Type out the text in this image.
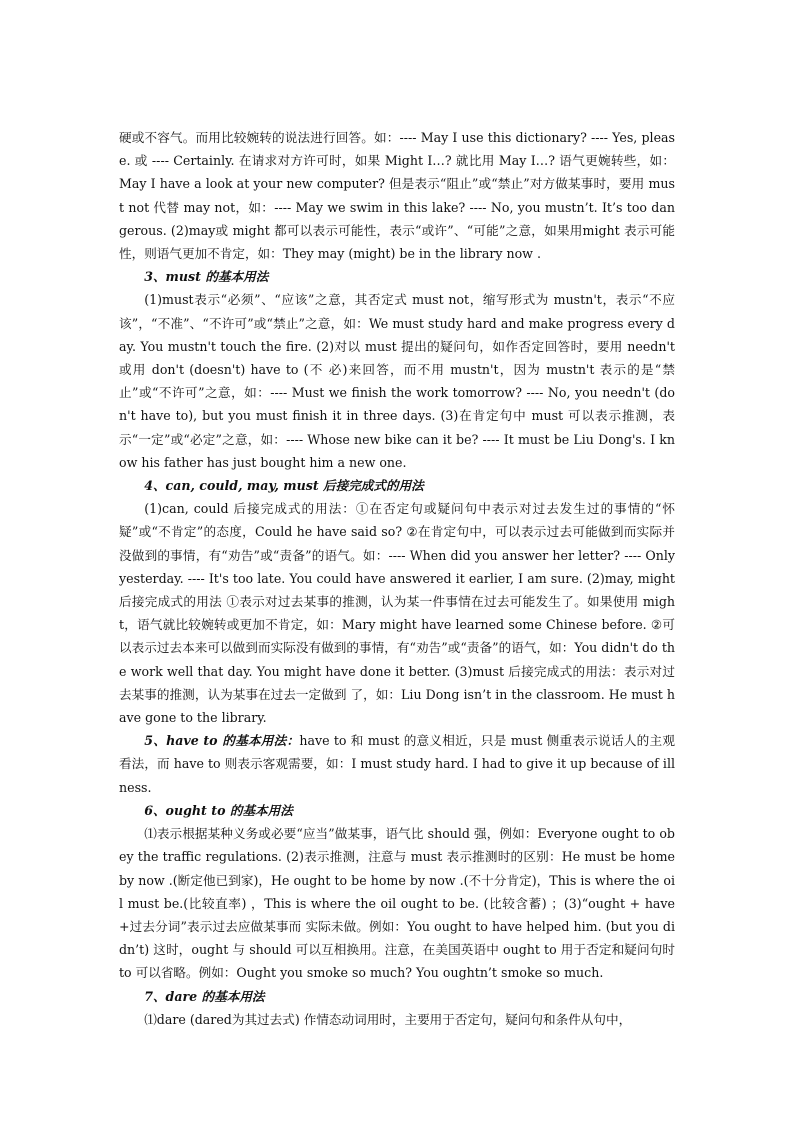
硬或不容气。而用比较婉转的说法进行回答。如：---- May I use this dictionary? ---- Yes, please. 或 ---- Certainly. 在请求对方许可时，如果 Might I…? 就比用 May I…? 语气更婉转些，如：May I have a look at your new computer? 但是表示“阻止”或“禁止”对方做某事时，要用 must not 代替 may not，如：---- May we swim in this lake? ---- No, you mustn’t. It’s too dangerous. (2)may或 might 都可以表示可能性，表示“或许”、“可能”之意，如果用might 表示可能性，则语气更加不肯定，如：They may (might) be in the library now .

3、must 的基本用法

(1)must表示“必须”、“应该”之意，其否定式 must not，缩写形式为 mustn't，表示“不应该”，“不准”、“不许可”或“禁止”之意，如：We must study hard and make progress every day. You mustn't touch the fire. (2)对以 must 提出的疑问句，如作否定回答时，要用 needn't 或用 don't (doesn't) have to (不 必)来回答，而不用 mustn't，因为 mustn't 表示的是“禁止”或“不许可”之意，如：---- Must we finish the work tomorrow? ---- No, you needn't (don't have to), but you must finish it in three days. (3)在肯定句中 must 可以表示推测，表示“一定”或“必定”之意，如：---- Whose new bike can it be? ---- It must be Liu Dong's. I know his father has just bought him a new one.

4、can, could, may, must 后接完成式的用法

(1)can, could 后接完成式的用法：①在否定句或疑问句中表示对过去发生过的事情的“怀疑”或“不肯定”的态度，Could he have said so? ②在肯定句中，可以表示过去可能做到而实际并没做到的事情，有“劝告”或“责备”的语气。如：---- When did you answer her letter? ---- Only yesterday. ---- It's too late. You could have answered it earlier, I am sure. (2)may, might 后接完成式的用法 ①表示对过去某事的推测，认为某一件事情在过去可能发生了。如果使用 might，语气就比较婉转或更加不肯定，如：Mary might have learned some Chinese before. ②可以表示过去本来可以做到而实际没有做到的事情，有“劝告”或“责备”的语气，如：You didn't do the work well that day. You might have done it better. (3)must 后接完成式的用法：表示对过去某事的推测，认为某事在过去一定做到 了，如：Liu Dong isn’t in the classroom. He must have gone to the library.

5、have to 的基本用法：have to 和 must 的意义相近，只是 must 侧重表示说话人的主观看法，而 have to 则表示客观需要，如：I must study hard. I had to give it up because of illness.

6、ought to 的基本用法

⑴表示根据某种义务或必要“应当”做某事，语气比 should 强，例如：Everyone ought to obey the traffic regulations. (2)表示推测，注意与 must 表示推测时的区别：He must be home by now .(断定他已到家)，He ought to be home by now .(不十分肯定)，This is where the oil must be.(比较直率) ，This is where the oil ought to be. (比较含蓄) ；(3)“ought + have+过去分词”表示过去应做某事而 实际未做。例如：You ought to have helped him. (but you didn’t) 这时，ought 与 should 可以互相换用。注意，在美国英语中 ought to 用于否定和疑问句时 to 可以省略。例如：Ought you smoke so much? You oughtn’t smoke so much.

7、dare 的基本用法

⑴dare (dared为其过去式) 作情态动词用时，主要用于否定句，疑问句和条件从句中，
